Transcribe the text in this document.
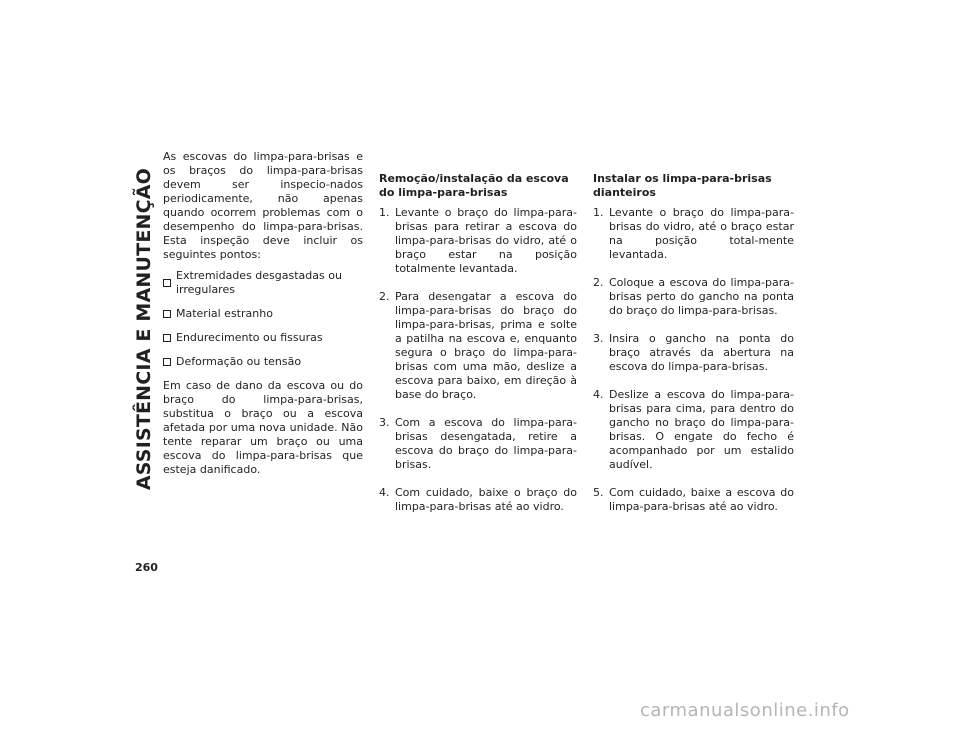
ASSISTÊNCIA E MANUTENÇÃO
260

As escovas do limpa-para-brisas e os braços do limpa-para-brisas devem ser inspecio-nados periodicamente, não apenas quando ocorrem problemas com o desempenho do limpa-para-brisas. Esta inspeção deve incluir os seguintes pontos:

Extremidades desgastadas ou irregulares
Material estranho
Endurecimento ou fissuras
Deformação ou tensão

Em caso de dano da escova ou do braço do limpa-para-brisas, substitua o braço ou a escova afetada por uma nova unidade. Não tente reparar um braço ou uma escova do limpa-para-brisas que esteja danificado.

Remoção/instalação da escova do limpa-para-brisas
1. Levante o braço do limpa-para-brisas para retirar a escova do limpa-para-brisas do vidro, até o braço estar na posição totalmente levantada.
2. Para desengatar a escova do limpa-para-brisas do braço do limpa-para-brisas, prima e solte a patilha na escova e, enquanto segura o braço do limpa-para-brisas com uma mão, deslize a escova para baixo, em direção à base do braço.
3. Com a escova do limpa-para-brisas desengatada, retire a escova do braço do limpa-para-brisas.
4. Com cuidado, baixe o braço do limpa-para-brisas até ao vidro.
Instalar os limpa-para-brisas dianteiros
1. Levante o braço do limpa-para-brisas do vidro, até o braço estar na posição total-mente levantada.
2. Coloque a escova do limpa-para-brisas perto do gancho na ponta do braço do limpa-para-brisas.
3. Insira o gancho na ponta do braço através da abertura na escova do limpa-para-brisas.
4. Deslize a escova do limpa-para-brisas para cima, para dentro do gancho no braço do limpa-para-brisas. O engate do fecho é acompanhado por um estalido audível.
5. Com cuidado, baixe a escova do limpa-para-brisas até ao vidro.
carmanualsonline.info
